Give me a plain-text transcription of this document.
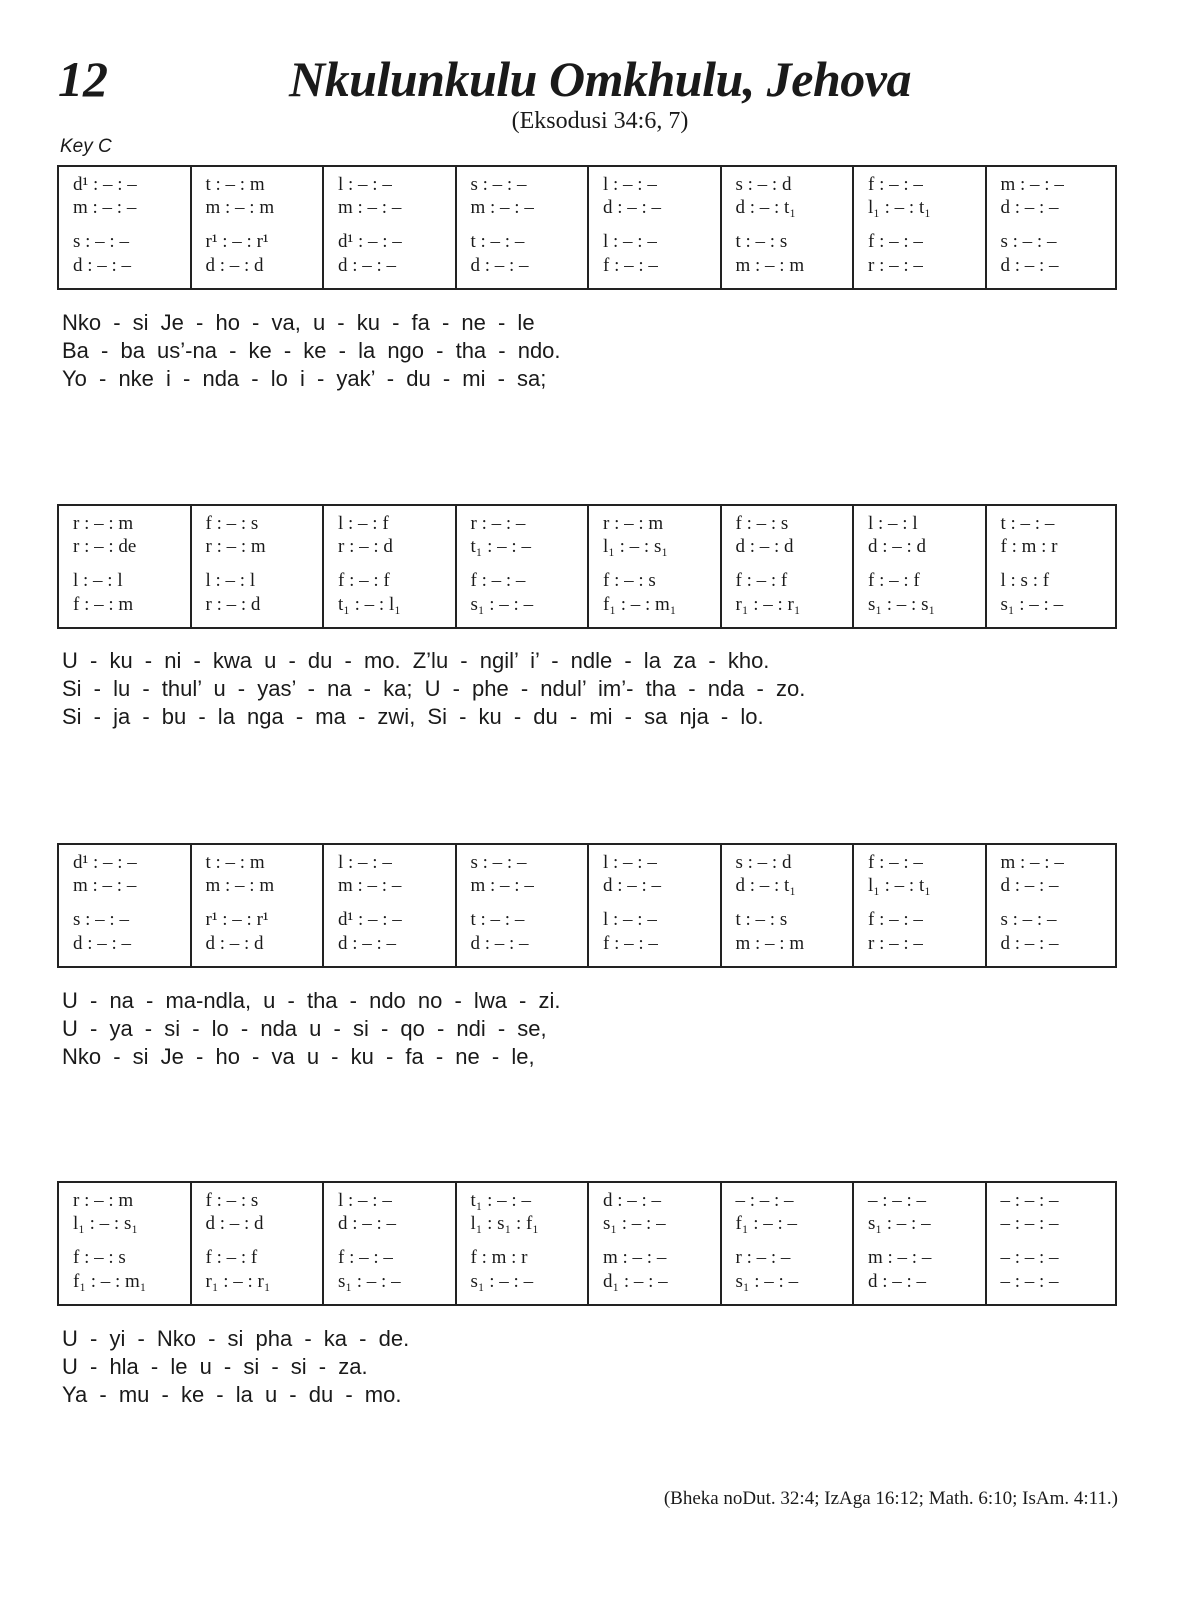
12	Nkulunkulu Omkhulu, Jehova
(Eksodusi 34:6, 7)
Key C
d¹ : – : –	t : – : m	l : – : –	s : – : –	l : – : –	s : – : d	f : – : –	m : – : –
m : – : –	m : – : m	m : – : –	m : – : –	d : – : –	d : – : t₁	l₁ : – : t₁	d : – : –
s : – : –	r¹ : – : r¹	d¹ : – : –	t : – : –	l : – : –	t : – : s	f : – : –	s : – : –
d : – : –	d : – : d	d : – : –	d : – : –	f : – : –	m : – : m	r : – : –	d : – : –
Nko - si Je - ho - va, u - ku - fa - ne - le
Ba - ba us’-na - ke - ke - la ngo - tha - ndo.
Yo - nke i - nda - lo i - yak’ - du - mi - sa;
r : – : m	f : – : s	l : – : f	r : – : –	r : – : m	f : – : s	l : – : l	t : – : –
r : – : de	r : – : m	r : – : d	t₁ : – : –	l₁ : – : s₁	d : – : d	d : – : d	f : m : r
l : – : l	l : – : l	f : – : f	f : – : –	f : – : s	f : – : f	f : – : f	l : s : f
f : – : m	r : – : d	t₁ : – : l₁	s₁ : – : –	f₁ : – : m₁	r₁ : – : r₁	s₁ : – : s₁	s₁ : – : –
U - ku - ni - kwa u - du - mo. Z’lu - ngil’ i’ - ndle - la za - kho.
Si - lu - thul’ u - yas’ - na - ka; U - phe - ndul’ im’- tha - nda - zo.
Si - ja - bu - la nga - ma - zwi, Si - ku - du - mi - sa nja - lo.
d¹ : – : –	t : – : m	l : – : –	s : – : –	l : – : –	s : – : d	f : – : –	m : – : –
m : – : –	m : – : m	m : – : –	m : – : –	d : – : –	d : – : t₁	l₁ : – : t₁	d : – : –
s : – : –	r¹ : – : r¹	d¹ : – : –	t : – : –	l : – : –	t : – : s	f : – : –	s : – : –
d : – : –	d : – : d	d : – : –	d : – : –	f : – : –	m : – : m	r : – : –	d : – : –
U - na - ma-ndla, u - tha - ndo no - lwa - zi.
U - ya - si - lo - nda u - si - qo - ndi - se,
Nko - si Je - ho - va u - ku - fa - ne - le,
r : – : m	f : – : s	l : – : –	t₁ : – : –	d : – : –	– : – : –	– : – : –	– : – : –
l₁ : – : s₁	d : – : d	d : – : –	l₁ : s₁ : f₁	s₁ : – : –	f₁ : – : –	s₁ : – : –	– : – : –
f : – : s	f : – : f	f : – : –	f : m : r	m : – : –	r : – : –	m : – : –	– : – : –
f₁ : – : m₁	r₁ : – : r₁	s₁ : – : –	s₁ : – : –	d₁ : – : –	s₁ : – : –	d : – : –	– : – : –
U - yi - Nko - si pha - ka - de.
U - hla - le u - si - si - za.
Ya - mu - ke - la u - du - mo.
(Bheka noDut. 32:4; IzAga 16:12; Math. 6:10; IsAm. 4:11.)
